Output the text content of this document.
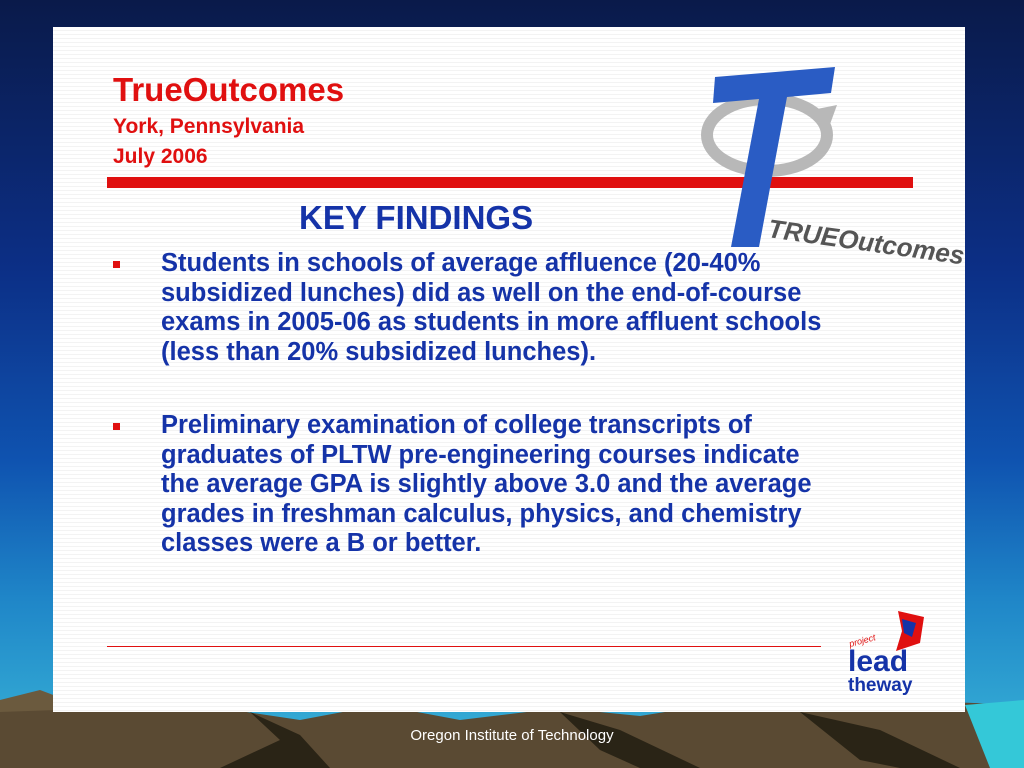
TrueOutcomes
York, Pennsylvania
July 2006
TRUEOutcomes
KEY FINDINGS
Students in schools of average affluence (20-40% subsidized lunches) did as well on the end-of-course exams in 2005-06 as students in more affluent schools (less than 20% subsidized lunches).
Preliminary examination of college transcripts of graduates of PLTW pre-engineering courses indicate the average GPA is slightly above 3.0 and the average grades in freshman calculus, physics, and chemistry classes were a B or better.
project
lead
theway
Oregon Institute of Technology
